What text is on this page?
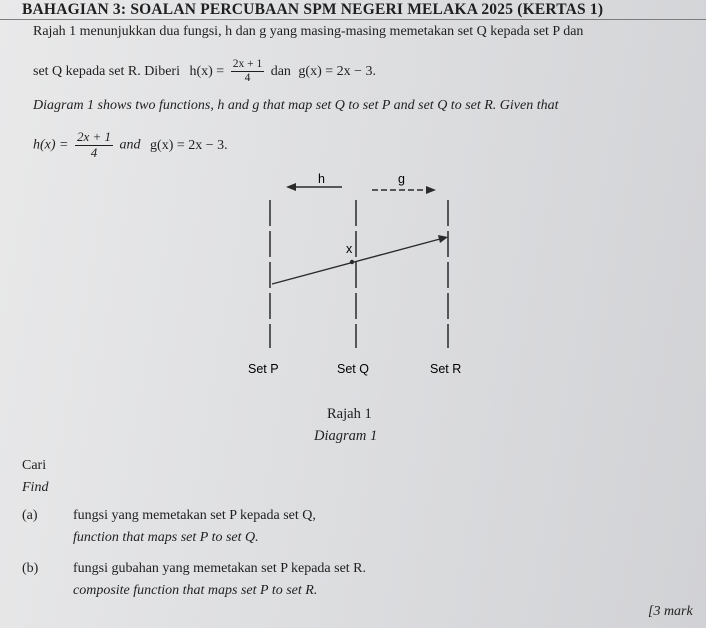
BAHAGIAN 3: SOALAN PERCUBAAN SPM NEGERI MELAKA 2025 (KERTAS 1)
Rajah 1 menunjukkan dua fungsi, h dan g yang masing-masing memetakan set Q kepada set P dan
set Q kepada set R. Diberi $h(x) = \frac{2x + 1}{4}$ dan g(x) = 2x − 3.
Diagram 1 shows two functions, h and g that map set Q to set P and set Q to set R. Given that
$h(x) = \frac{2x + 1}{4}$ and g(x) = 2x − 3.
h	g
x
Set P	Set Q	Set R
Rajah 1
Diagram 1
Cari
Find
(a)	fungsi yang memetakan set P kepada set Q,
function that maps set P to set Q.
(b) fungsi gubahan yang memetakan set P kepada set R.
composite function that maps set P to set R.
[3 mark
